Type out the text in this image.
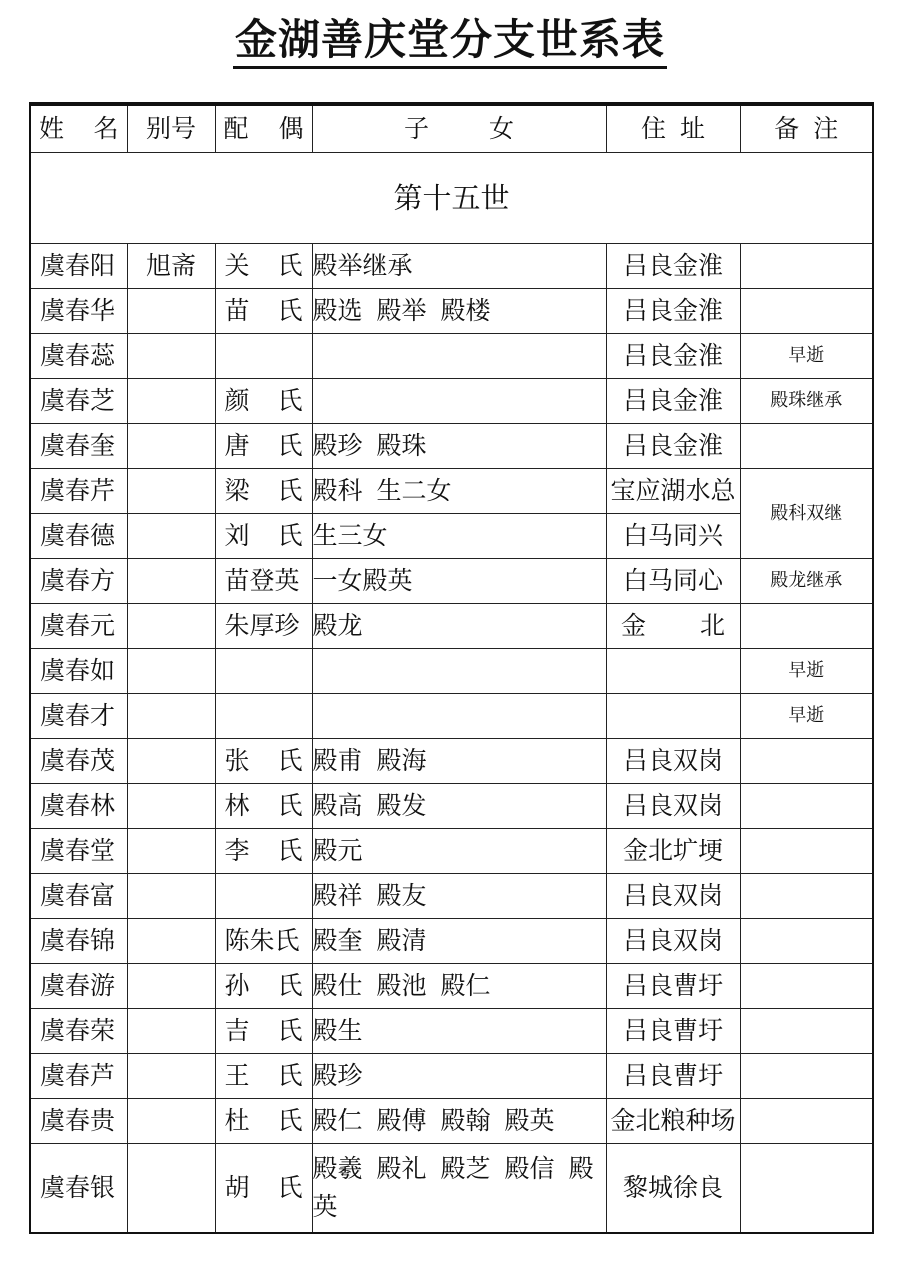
金湖善庆堂分支世系表
姓 名	别号	配 偶	子 女	住 址	备 注
第十五世					
虞春阳	旭斋	关 氏	殿举继承	吕良金淮	
虞春华		苗 氏	殿选 殿举 殿楼	吕良金淮	
虞春蕊				吕良金淮	早逝
虞春芝		颜 氏		吕良金淮	殿珠继承
虞春奎		唐 氏	殿珍 殿珠	吕良金淮	
虞春芹		梁 氏	殿科 生二女	宝应湖水总	殿科双继
虞春德		刘 氏	生三女	白马同兴	
虞春方		苗登英	一女殿英	白马同心	殿龙继承
虞春元		朱厚珍	殿龙	金 北	
虞春如					早逝
虞春才					早逝
虞春茂		张 氏	殿甫 殿海	吕良双岗	
虞春林		林 氏	殿高 殿发	吕良双岗	
虞春堂		李 氏	殿元	金北圹埂	
虞春富			殿祥 殿友	吕良双岗	
虞春锦		陈朱氏	殿奎 殿清	吕良双岗	
虞春游		孙 氏	殿仕 殿池 殿仁	吕良曹圩	
虞春荣		吉 氏	殿生	吕良曹圩	
虞春芦		王 氏	殿珍	吕良曹圩	
虞春贵		杜 氏	殿仁 殿傅 殿翰 殿英	金北粮种场	
虞春银		胡 氏	殿羲 殿礼 殿芝 殿信 殿英	黎城徐良	
